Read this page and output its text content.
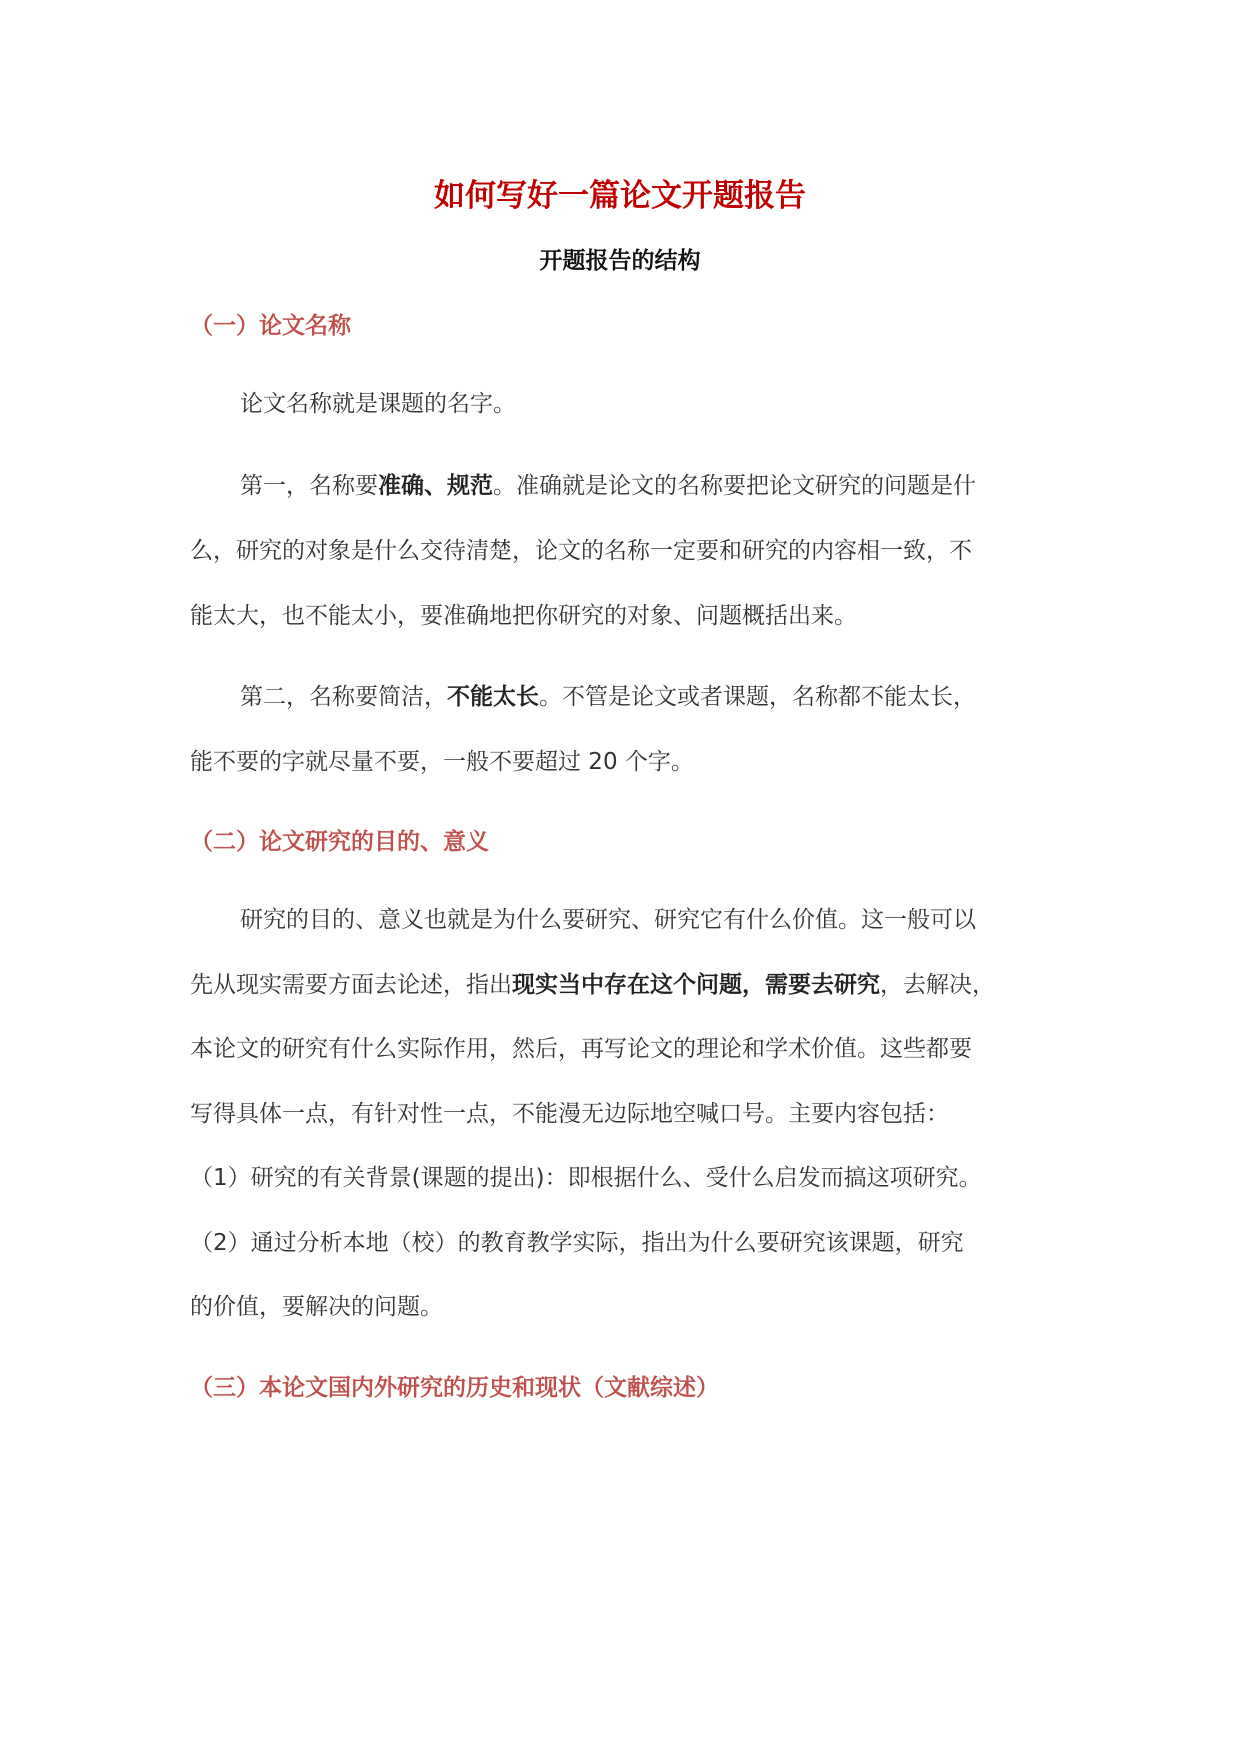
如何写好一篇论文开题报告
开题报告的结构
（一）论文名称
论文名称就是课题的名字。
第一，名称要准确、规范。准确就是论文的名称要把论文研究的问题是什
么，研究的对象是什么交待清楚，论文的名称一定要和研究的内容相一致，不
能太大，也不能太小，要准确地把你研究的对象、问题概括出来。
第二，名称要简洁，不能太长。不管是论文或者课题，名称都不能太长，
能不要的字就尽量不要，一般不要超过 20 个字。
（二）论文研究的目的、意义
研究的目的、意义也就是为什么要研究、研究它有什么价值。这一般可以
先从现实需要方面去论述，指出现实当中存在这个问题，需要去研究，去解决，
本论文的研究有什么实际作用，然后，再写论文的理论和学术价值。这些都要
写得具体一点，有针对性一点，不能漫无边际地空喊口号。主要内容包括：
（1）研究的有关背景(课题的提出)：即根据什么、受什么启发而搞这项研究。
（2）通过分析本地（校）的教育教学实际，指出为什么要研究该课题，研究
的价值，要解决的问题。
（三）本论文国内外研究的历史和现状（文献综述）
